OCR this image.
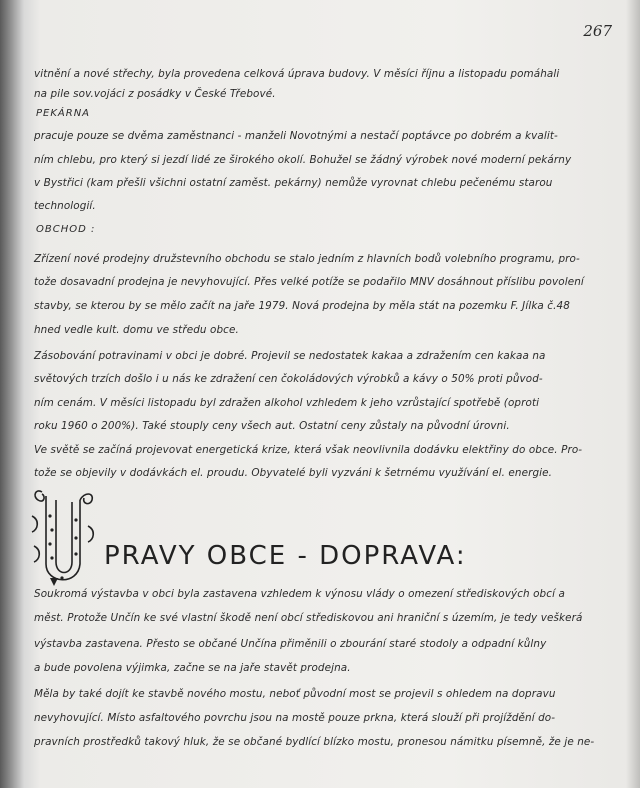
267
vitnění a nové střechy, byla provedena celková úprava budovy. V měsíci říjnu a listopadu pomáhali
na pile sov.vojáci z posádky v České Třebové.
PEKÁRNA
pracuje pouze se dvěma zaměstnanci - manželi Novotnými a nestačí poptávce po dobrém a kvalit-
ním chlebu, pro který si jezdí lidé ze širokého okolí. Bohužel se žádný výrobek nové moderní pekárny
v Bystřici (kam přešli všichni ostatní zaměst. pekárny) nemůže vyrovnat chlebu pečenému starou
technologií.
OBCHOD :
Zřízení nové prodejny družstevního obchodu se stalo jedním z hlavních bodů volebního programu, pro-
tože dosavadní prodejna je nevyhovující. Přes velké potíže se podařilo MNV dosáhnout příslibu povolení
stavby, se kterou by se mělo začít na jaře 1979. Nová prodejna by měla stát na pozemku F. Jílka č.48
hned vedle kult. domu ve středu obce.
Zásobování potravinami v obci je dobré. Projevil se nedostatek kakaa a zdražením cen kakaa na
světových trzích došlo i u nás ke zdražení cen čokoládových výrobků a kávy o 50% proti původ-
ním cenám. V měsíci listopadu byl zdražen alkohol vzhledem k jeho vzrůstající spotřebě (oproti
roku 1960 o 200%). Také stouply ceny všech aut. Ostatní ceny zůstaly na původní úrovni.
Ve světě se začíná projevovat energetická krize, která však neovlivnila dodávku elektřiny do obce. Pro-
tože se objevily v dodávkách el. proudu. Obyvatelé byli vyzváni k šetrnému využívání el. energie.
PRAVY OBCE - DOPRAVA:
Soukromá výstavba v obci byla zastavena vzhledem k výnosu vlády o omezení střediskových obcí a
měst. Protože Unčín ke své vlastní škodě není obcí střediskovou ani hraniční s územím, je tedy veškerá
výstavba zastavena. Přesto se občané Unčína přiměnili o zbourání staré stodoly a odpadní kůlny
a bude povolena výjimka, začne se na jaře stavět prodejna.
Měla by také dojít ke stavbě nového mostu, neboť původní most se projevil s ohledem na dopravu
nevyhovující. Místo asfaltového povrchu jsou na mostě pouze prkna, která slouží při projíždění do-
pravních prostředků takový hluk, že se občané bydlící blízko mostu, pronesou námitku písemně, že je ne-
